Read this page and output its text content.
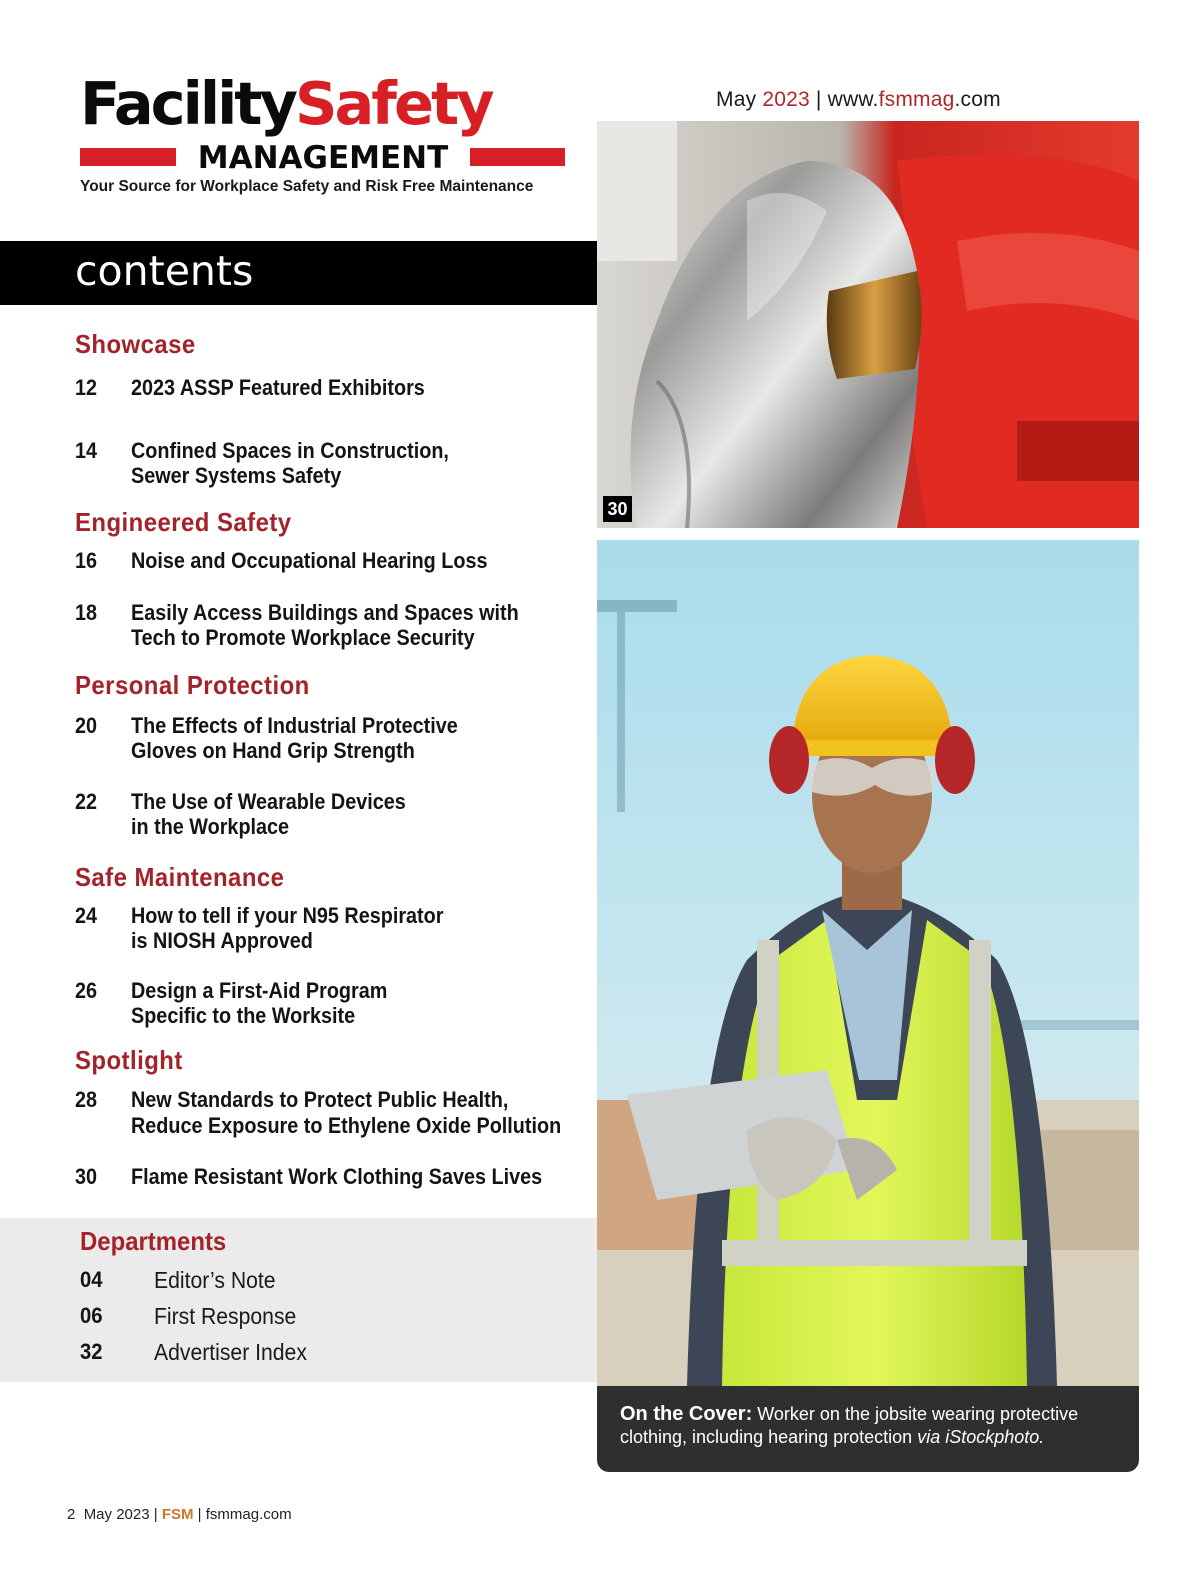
FacilitySafety
MANAGEMENT
Your Source for Workplace Safety and Risk Free Maintenance
May 2023 | www.fsmmag.com
contents
Showcase
12 2023 ASSP Featured Exhibitors
14 Confined Spaces in Construction,
Sewer Systems Safety
Engineered Safety
16 Noise and Occupational Hearing Loss
18 Easily Access Buildings and Spaces with
Tech to Promote Workplace Security
Personal Protection
20 The Effects of Industrial Protective
Gloves on Hand Grip Strength
22 The Use of Wearable Devices
in the Workplace
Safe Maintenance
24 How to tell if your N95 Respirator
is NIOSH Approved
26 Design a First-Aid Program
Specific to the Worksite
Spotlight
28 New Standards to Protect Public Health,
Reduce Exposure to Ethylene Oxide Pollution
30 Flame Resistant Work Clothing Saves Lives
Departments
04 Editor’s Note
06 First Response
32 Advertiser Index
30
On the Cover: Worker on the jobsite wearing protective clothing, including hearing protection via iStockphoto.
2 May 2023 | FSM | fsmmag.com
